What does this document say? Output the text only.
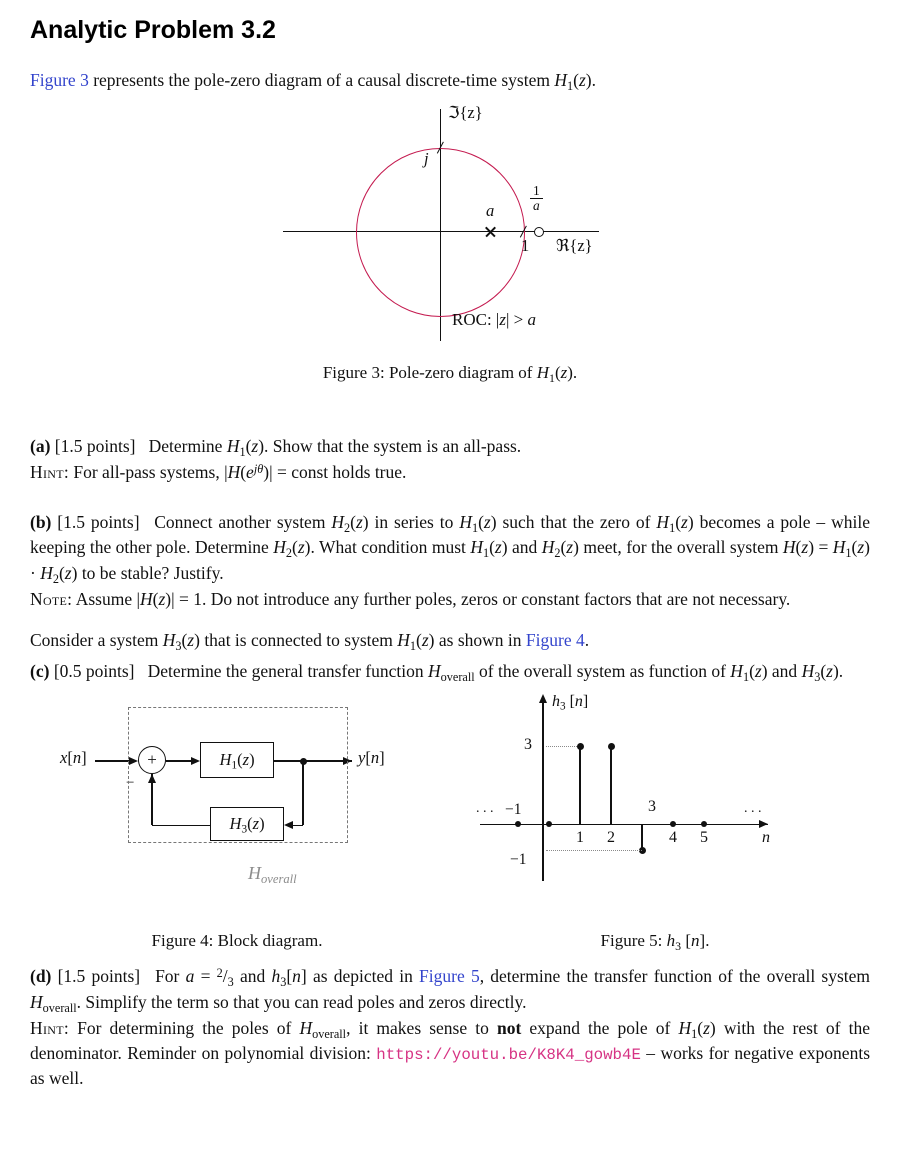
Analytic Problem 3.2

Figure 3 represents the pole-zero diagram of a causal discrete-time system $H_1(z)$.

ℑ{z}
j
a
1
$\frac{1}{a}$
ℜ{z}
ROC: |z| > a

Figure 3: Pole-zero diagram of $H_1(z)$.

(a) [1.5 points]  Determine $H_1(z)$. Show that the system is an all-pass.

Hint: For all-pass systems, $|H(e^{j\theta})|$ = const holds true.

(b) [1.5 points]  Connect another system $H_2(z)$ in series to $H_1(z)$ such that the zero of $H_1(z)$ becomes a pole – while keeping the other pole. Determine $H_2(z)$. What condition must $H_1(z)$ and $H_2(z)$ meet, for the overall system $H(z) = H_1(z) \cdot H_2(z)$ to be stable? Justify.

Note: Assume |H(z)| = 1. Do not introduce any further poles, zeros or constant factors that are not necessary.

Consider a system $H_3(z)$ that is connected to system $H_1(z)$ as shown in Figure 4.

(c) [0.5 points]  Determine the general transfer function $H_{overall}$ of the overall system as function of $H_1(z)$ and $H_3(z)$.

x[n]	+
−
$H_1(z)$	y[n]
$H_3(z)$
$H_{overall}$
$h_3$ [n]
n
3
−1
. . . −1	3	. . .
1 2	4 5
Figure 4: Block diagram.	Figure 5: $h_3$ [n].

(d) [1.5 points]  For $a = ^2/_3$ and $h_3[n]$ as depicted in Figure 5, determine the transfer function of the overall system $H_{overall}$. Simplify the term so that you can read poles and zeros directly.

Hint: For determining the poles of $H_{overall}$, it makes sense to not expand the pole of $H_1(z)$ with the rest of the denominator. Reminder on polynomial division: https://youtu.be/K8K4_gowb4E – works for negative exponents as well.
